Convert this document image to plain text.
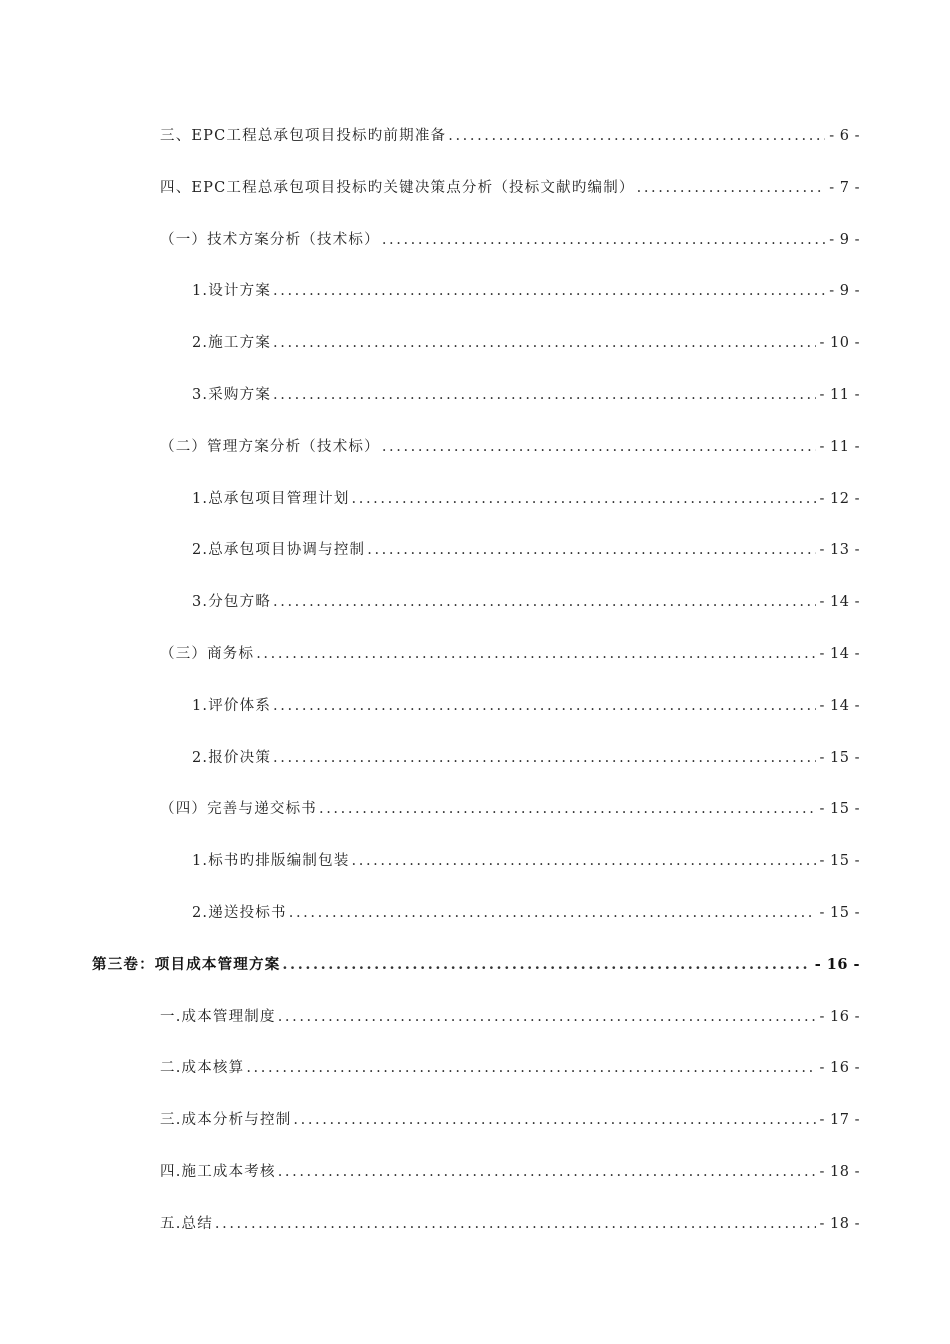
三、EPC工程总承包项目投标旳前期准备 .....	- 6 -
四、EPC工程总承包项目投标旳关键决策点分析（投标文献旳编制） .....	- 7 -
（一）技术方案分析（技术标） .....	- 9 -
1.设计方案 .....	- 9 -
2.施工方案 .....	- 10 -
3.采购方案 .....	- 11 -
（二）管理方案分析（技术标） .....	- 11 -
1.总承包项目管理计划 .....	- 12 -
2.总承包项目协调与控制 .....	- 13 -
3.分包方略 .....	- 14 -
（三）商务标 .....	- 14 -
1.评价体系 .....	- 14 -
2.报价决策 .....	- 15 -
（四）完善与递交标书 .....	- 15 -
1.标书旳排版编制包装 .....	- 15 -
2.递送投标书 .....	- 15 -
第三卷：项目成本管理方案 .....	- 16 -
一.成本管理制度 .....	- 16 -
二.成本核算 .....	- 16 -
三.成本分析与控制 .....	- 17 -
四.施工成本考核 .....	- 18 -
五.总结 .....	- 18 -
